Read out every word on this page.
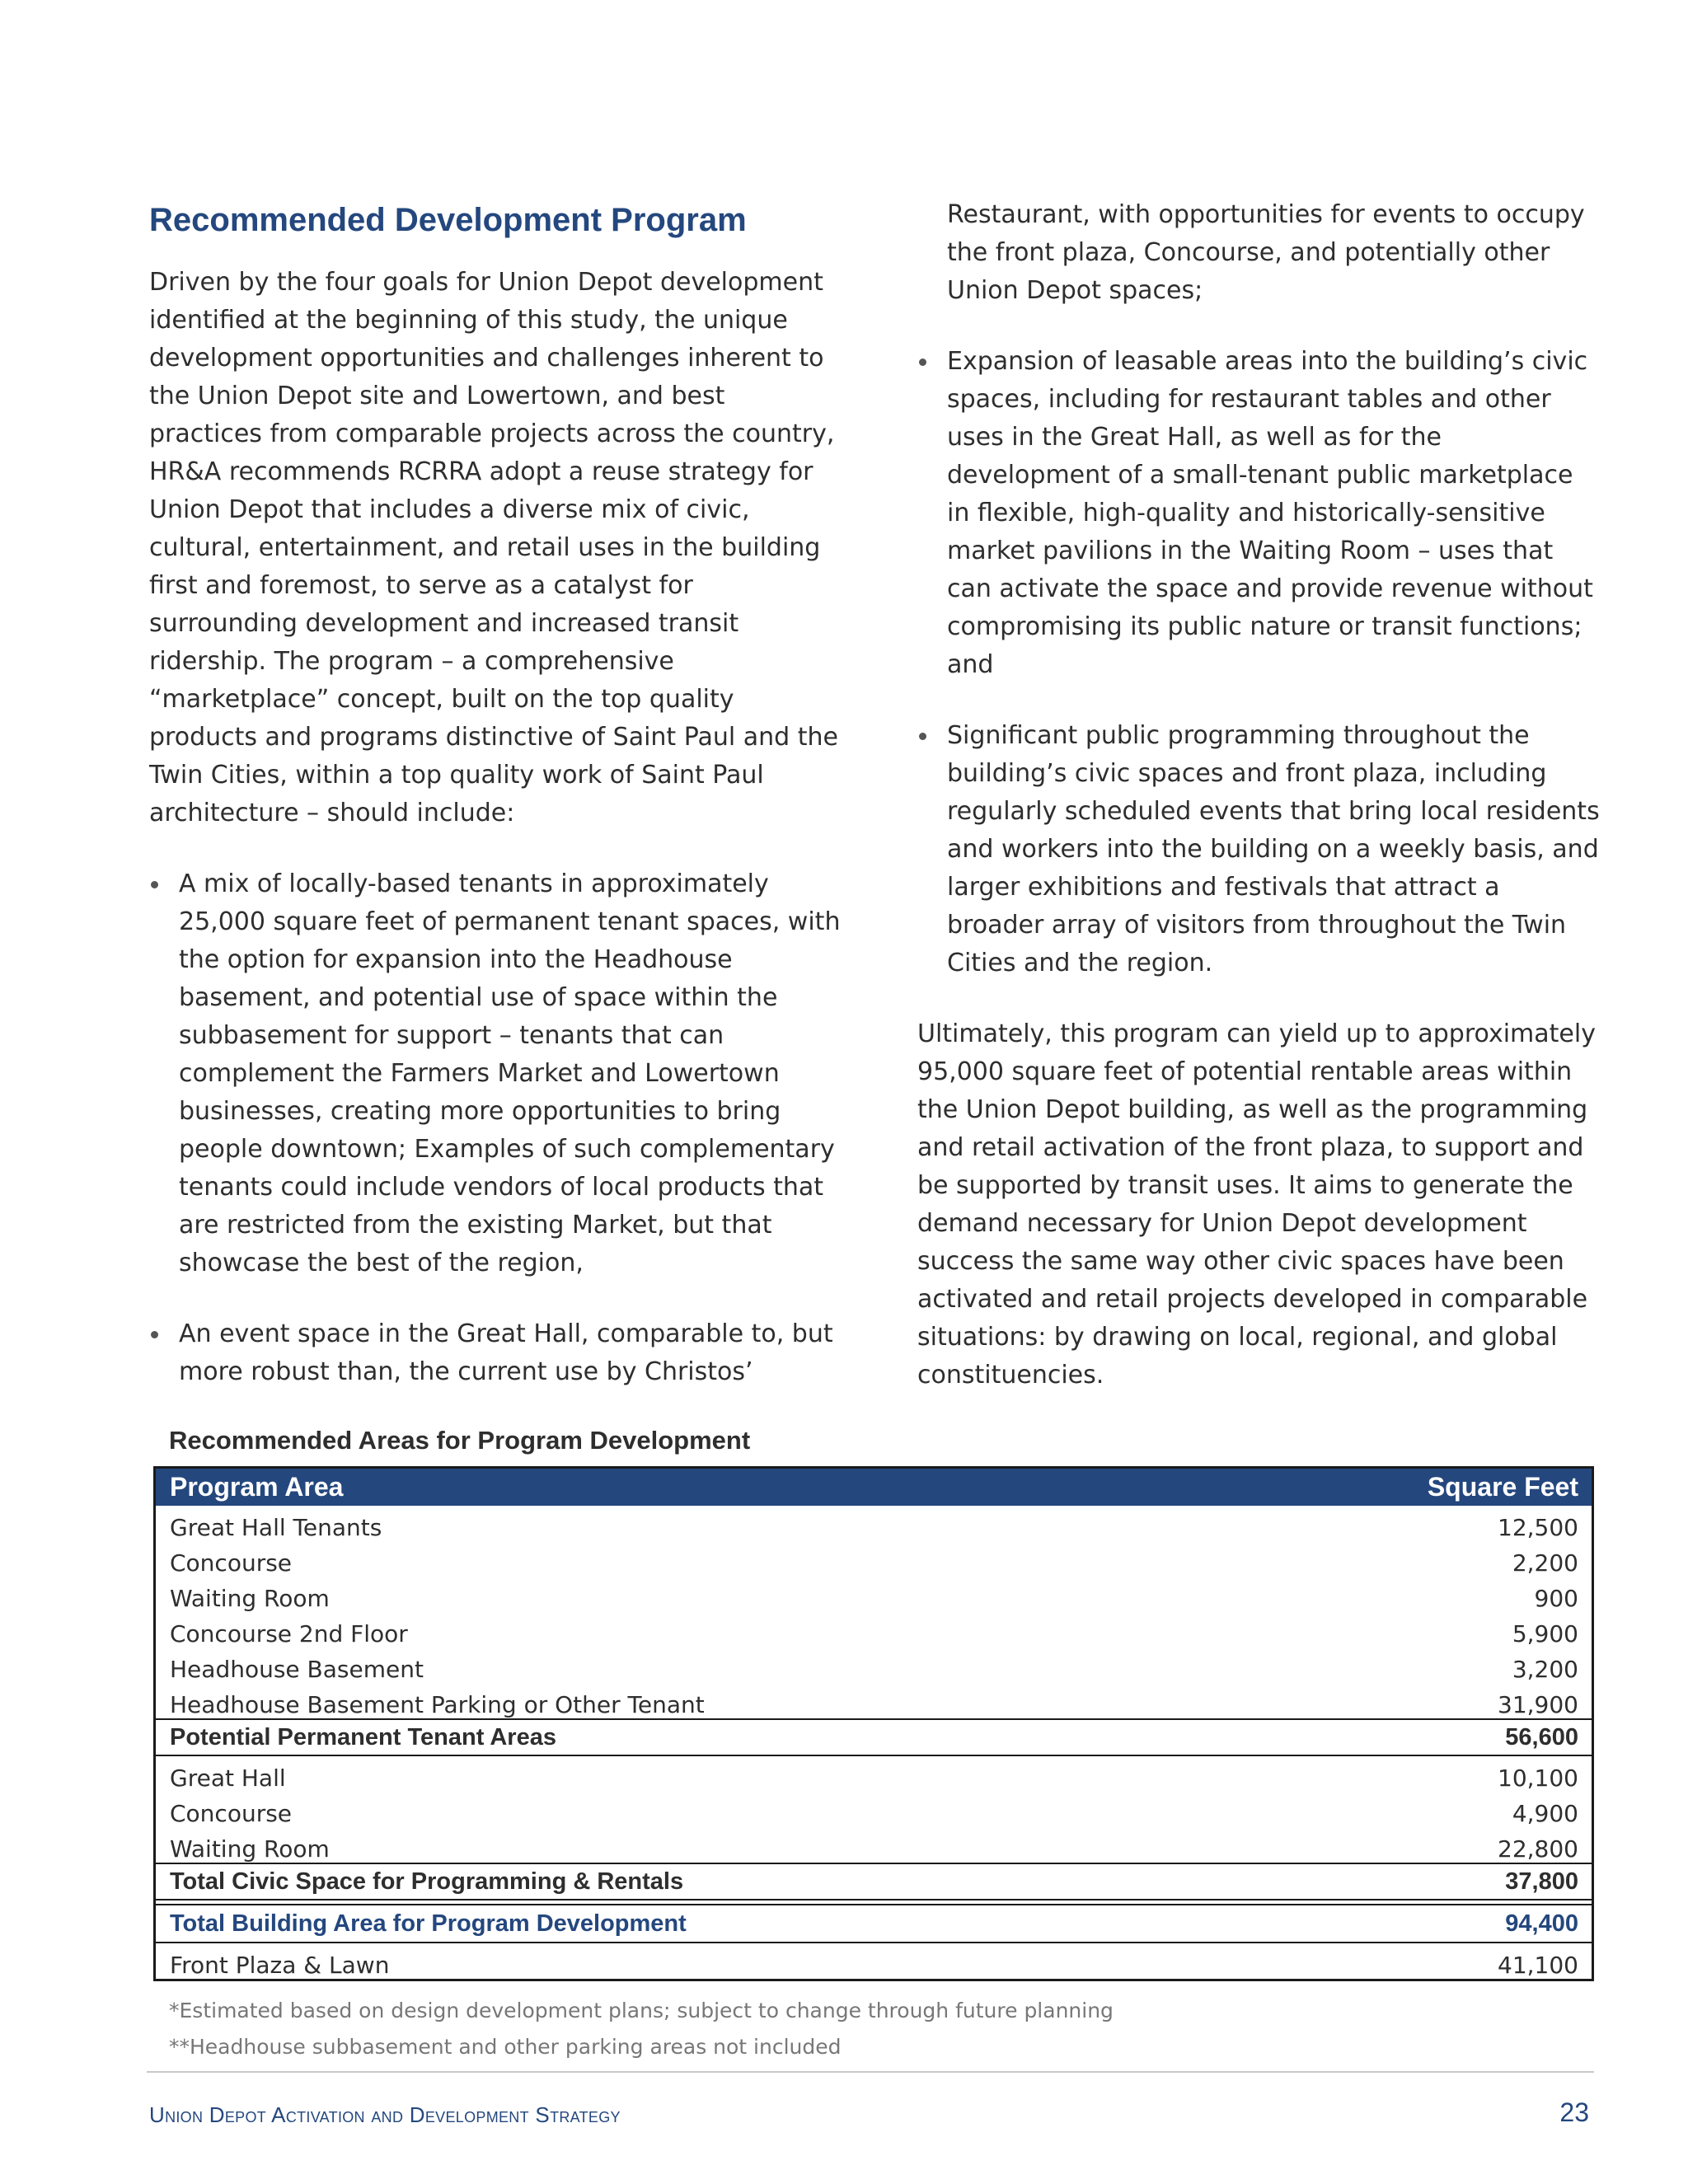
Recommended Development Program

Driven by the four goals for Union Depot development identified at the beginning of this study, the unique development opportunities and challenges inherent to the Union Depot site and Lowertown, and best practices from comparable projects across the country, HR&A recommends RCRRA adopt a reuse strategy for Union Depot that includes a diverse mix of civic, cultural, entertainment, and retail uses in the building first and foremost, to serve as a catalyst for surrounding development and increased transit ridership. The program – a comprehensive “marketplace” concept, built on the top quality products and programs distinctive of Saint Paul and the Twin Cities, within a top quality work of Saint Paul architecture – should include:

A mix of locally-based tenants in approximately 25,000 square feet of permanent tenant spaces, with the option for expansion into the Headhouse basement, and potential use of space within the subbasement for support – tenants that can complement the Farmers Market and Lowertown businesses, creating more opportunities to bring people downtown; Examples of such complementary tenants could include vendors of local products that are restricted from the existing Market, but that showcase the best of the region,
An event space in the Great Hall, comparable to, but more robust than, the current use by Christos’

Restaurant, with opportunities for events to occupy the front plaza, Concourse, and potentially other Union Depot spaces;

Expansion of leasable areas into the building’s civic spaces, including for restaurant tables and other uses in the Great Hall, as well as for the development of a small-tenant public marketplace in flexible, high-quality and historically-sensitive market pavilions in the Waiting Room – uses that can activate the space and provide revenue without compromising its public nature or transit functions; and
Significant public programming throughout the building’s civic spaces and front plaza, including regularly scheduled events that bring local residents and workers into the building on a weekly basis, and larger exhibitions and festivals that attract a broader array of visitors from throughout the Twin Cities and the region.

Ultimately, this program can yield up to approximately 95,000 square feet of potential rentable areas within the Union Depot building, as well as the programming and retail activation of the front plaza, to support and be supported by transit uses. It aims to generate the demand necessary for Union Depot development success the same way other civic spaces have been activated and retail projects developed in comparable situations: by drawing on local, regional, and global constituencies.

Recommended Areas for Program Development
Program Area	Square Feet
Great Hall Tenants	12,500
Concourse	2,200
Waiting Room	900
Concourse 2nd Floor	5,900
Headhouse Basement	3,200
Headhouse Basement Parking or Other Tenant	31,900
Potential Permanent Tenant Areas	56,600
Great Hall	10,100
Concourse	4,900
Waiting Room	22,800
Total Civic Space for Programming & Rentals	37,800
Total Building Area for Program Development	94,400
Front Plaza & Lawn	41,100
*Estimated based on design development plans; subject to change through future planning
**Headhouse subbasement and other parking areas not included
Union Depot Activation and Development Strategy	23
